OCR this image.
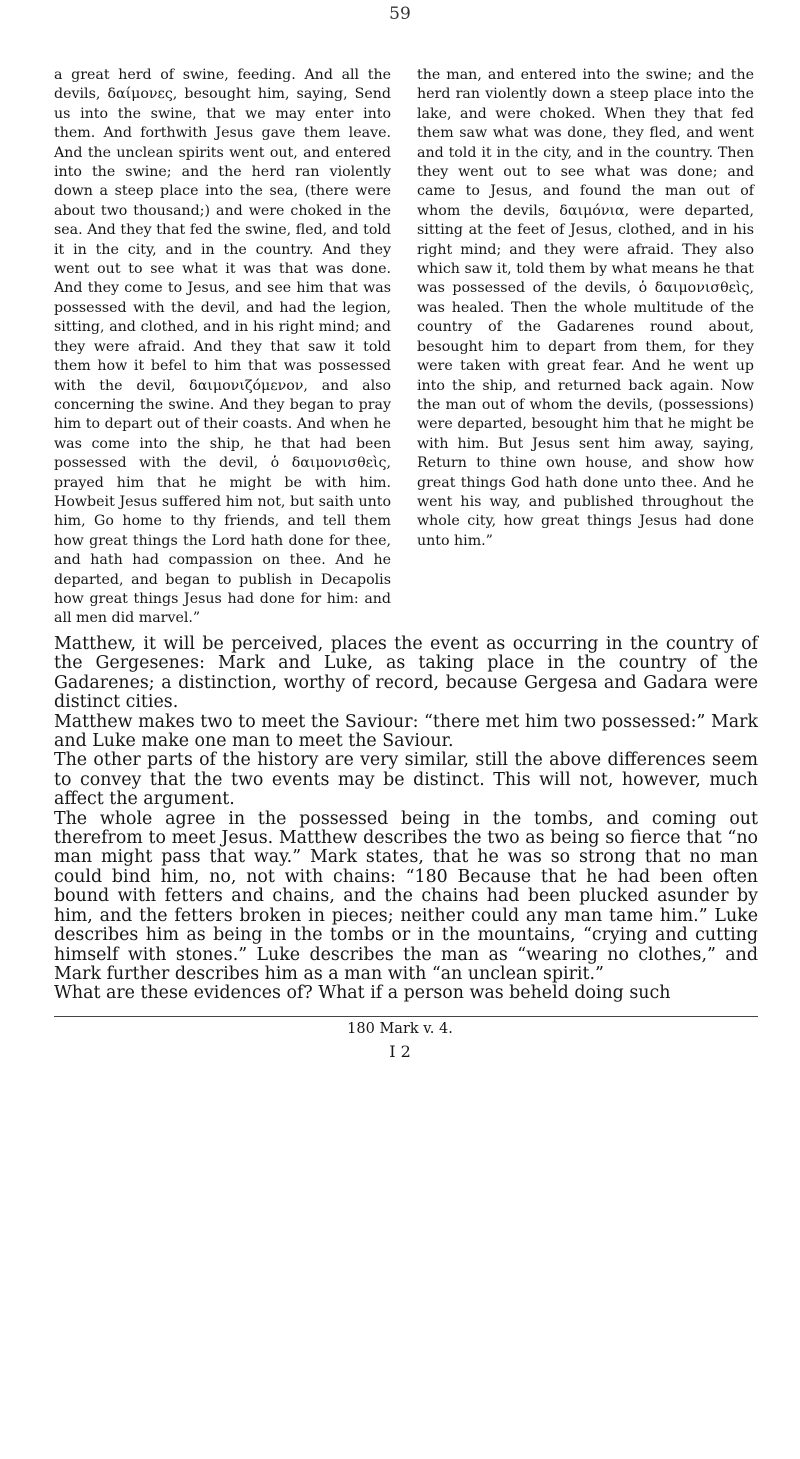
59

a great herd of swine, feeding. And all the devils, δαίμονες, besought him, saying, Send us into the swine, that we may enter into them. And forthwith Jesus gave them leave. And the unclean spirits went out, and entered into the swine; and the herd ran violently down a steep place into the sea, (there were about two thousand;) and were choked in the sea. And they that fed the swine, fled, and told it in the city, and in the country. And they went out to see what it was that was done. And they come to Jesus, and see him that was possessed with the devil, and had the legion, sitting, and clothed, and in his right mind; and they were afraid. And they that saw it told them how it befel to him that was possessed with the devil, δαιμονιζόμενον, and also concerning the swine. And they began to pray him to depart out of their coasts. And when he was come into the ship, he that had been possessed with the devil, ὁ δαιμονισθεὶς, prayed him that he might be with him. Howbeit Jesus suffered him not, but saith unto him, Go home to thy friends, and tell them how great things the Lord hath done for thee, and hath had compassion on thee. And he departed, and began to publish in Decapolis how great things Jesus had done for him: and all men did marvel.”

the man, and entered into the swine; and the herd ran violently down a steep place into the lake, and were choked. When they that fed them saw what was done, they fled, and went and told it in the city, and in the country. Then they went out to see what was done; and came to Jesus, and found the man out of whom the devils, δαιμόνια, were departed, sitting at the feet of Jesus, clothed, and in his right mind; and they were afraid. They also which saw it, told them by what means he that was possessed of the devils, ὁ δαιμονισθεὶς, was healed. Then the whole multitude of the country of the Gadarenes round about, besought him to depart from them, for they were taken with great fear. And he went up into the ship, and returned back again. Now the man out of whom the devils, (possessions) were departed, besought him that he might be with him. But Jesus sent him away, saying, Return to thine own house, and show how great things God hath done unto thee. And he went his way, and published throughout the whole city, how great things Jesus had done unto him.”

Matthew, it will be perceived, places the event as occurring in the country of the Gergesenes: Mark and Luke, as taking place in the country of the Gadarenes; a distinction, worthy of record, because Gergesa and Gadara were distinct cities.

Matthew makes two to meet the Saviour: “there met him two possessed:” Mark and Luke make one man to meet the Saviour.

The other parts of the history are very similar, still the above differences seem to convey that the two events may be distinct. This will not, however, much affect the argument.

The whole agree in the possessed being in the tombs, and coming out therefrom to meet Jesus. Matthew describes the two as being so fierce that “no man might pass that way.” Mark states, that he was so strong that no man could bind him, no, not with chains: “180 Because that he had been often bound with fetters and chains, and the chains had been plucked asunder by him, and the fetters broken in pieces; neither could any man tame him.” Luke describes him as being in the tombs or in the mountains, “crying and cutting himself with stones.” Luke describes the man as “wearing no clothes,” and Mark further describes him as a man with “an unclean spirit.”

What are these evidences of? What if a person was beheld doing such

180 Mark v. 4.
I 2
